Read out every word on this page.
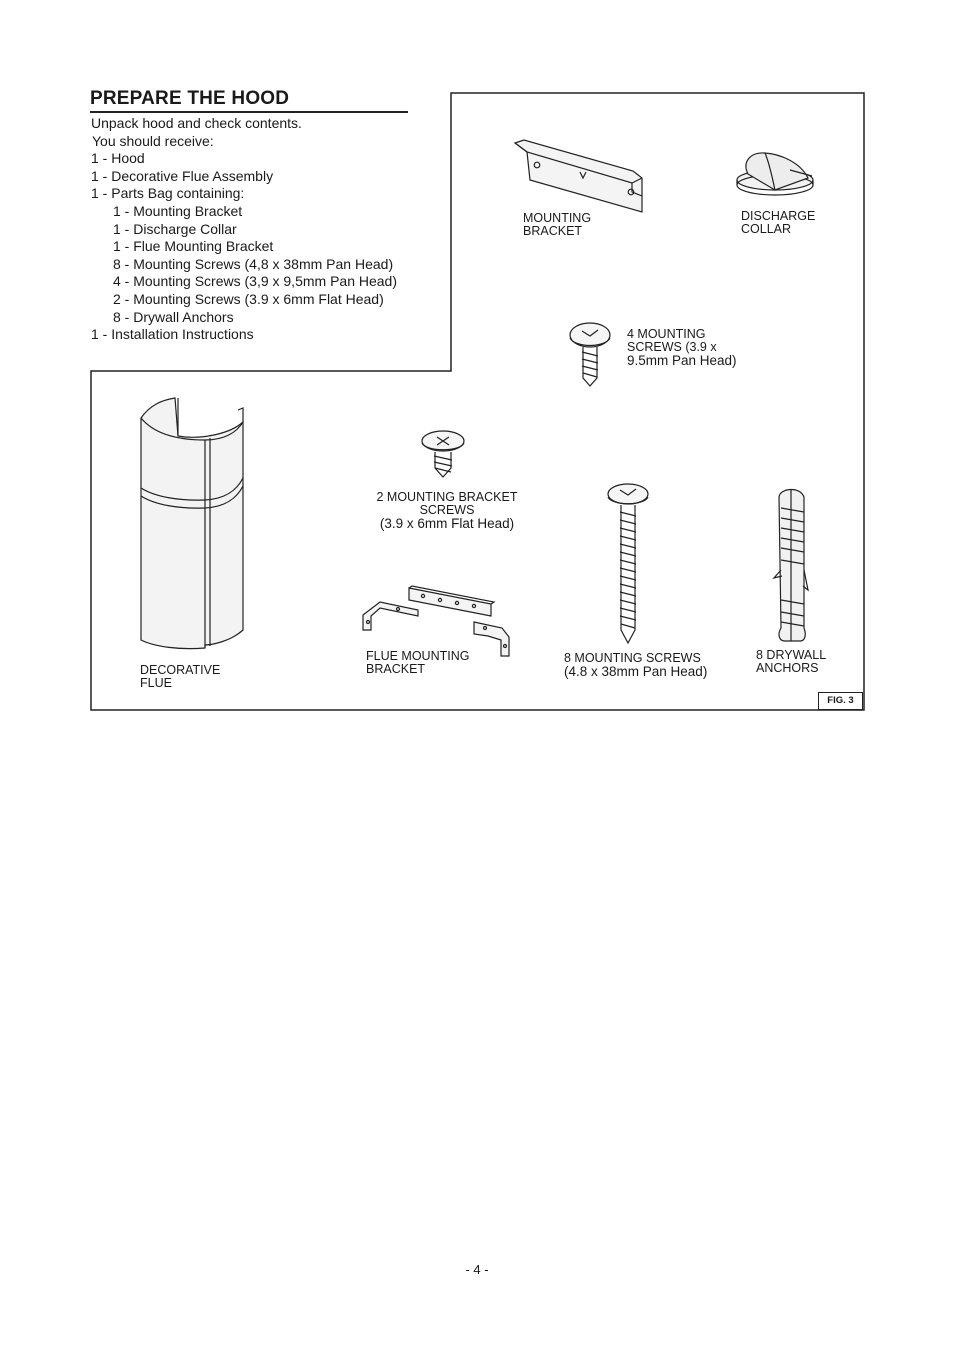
PREPARE THE HOOD
Unpack hood and check contents.
You should receive:
1 - Hood
1 - Decorative Flue Assembly
1 - Parts Bag containing:
1 - Mounting Bracket
1 - Discharge Collar
1 - Flue Mounting Bracket
8 - Mounting Screws (4,8 x 38mm Pan Head)
4 - Mounting Screws (3,9 x 9,5mm Pan Head)
2 - Mounting Screws (3.9 x 6mm Flat Head)
8 - Drywall Anchors
1 - Installation Instructions
MOUNTING
BRACKET
DISCHARGE
COLLAR
4 MOUNTING
SCREWS (3.9 x
9.5mm Pan Head)
2 MOUNTING BRACKET
SCREWS
(3.9 x 6mm Flat Head)
DECORATIVE
FLUE
FLUE MOUNTING
BRACKET
8 MOUNTING SCREWS
(4.8 x 38mm Pan Head)
8 DRYWALL
ANCHORS
FIG. 3
- 4 -
